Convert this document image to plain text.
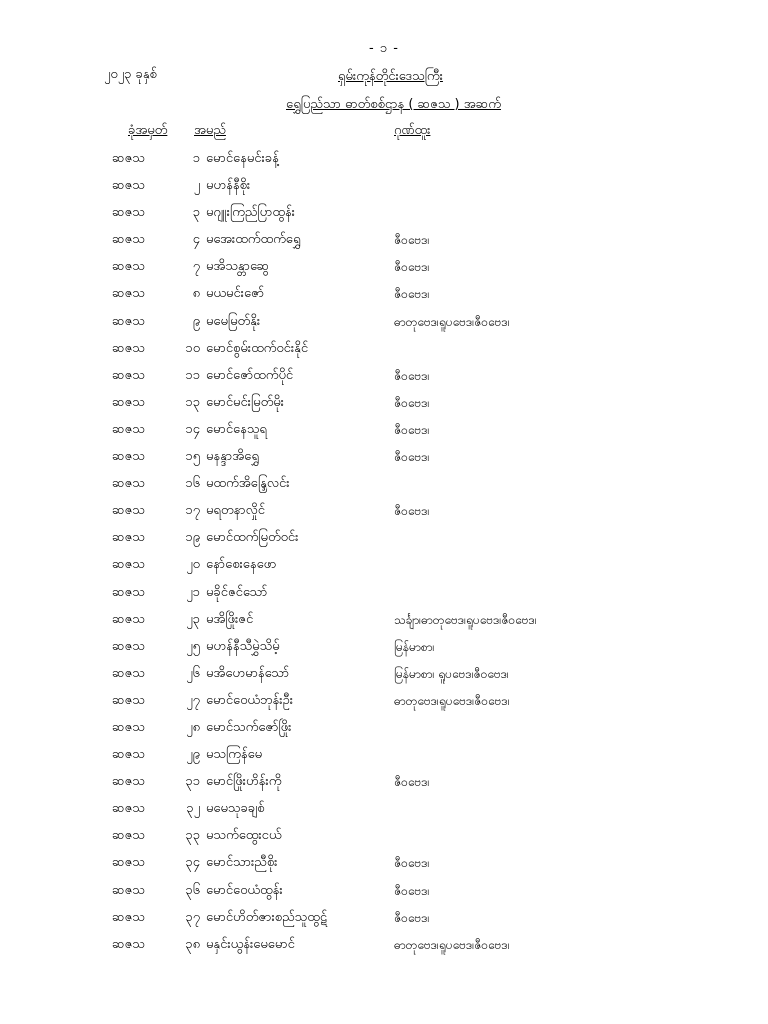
- ၁ -
၂၀၂၃ ခုနှစ်	ရှမ်းကုန်တိုင်းဒေသကြီး
ရွှေပြည်သာ ဓာတ်စစ်ဌာန ( ဆဇသ ) အဆက်
ခုံအမှတ် အမည်	ဂုဏ်ထူး
ဆဇသ	၁ မောင်နေမင်းခန့်
ဆဇသ	၂ မဟန်နီစိုး
ဆဇသ	၃ မဂျူးကြည်ပြာထွန်း
ဆဇသ	၄ မအေးထက်ထက်ရွှေ	ဇီဝဗေဒ၊
ဆဇသ	၇ မအိသန္တာဆွေ	ဇီဝဗေဒ၊
ဆဇသ	၈ မယမင်းဇော်	ဇီဝဗေဒ၊
ဆဇသ	၉ မမေမြတ်နိုး	ဓာတုဗေဒ၊ရူပဗေဒ၊ဇီဝဗေဒ၊
ဆဇသ	၁၀ မောင်စွမ်းထက်ဝင်းနိုင်
ဆဇသ	၁၁ မောင်ဇော်ထက်ပိုင်	ဇီဝဗေဒ၊
ဆဇသ	၁၃ မောင်မင်းမြတ်မိုး	ဇီဝဗေဒ၊
ဆဇသ	၁၄ မောင်နေသူရ	ဇီဝဗေဒ၊
ဆဇသ	၁၅ မနန္ဒာအိရွှေ	ဇီဝဗေဒ၊
ဆဇသ	၁၆ မထက်အိန္ဒြေလင်း
ဆဇသ	၁၇ မရတနာလှိုင်	ဇီဝဗေဒ၊
ဆဇသ	၁၉ မောင်ထက်မြတ်ဝင်း
ဆဇသ	၂၀ နော်စေးနေဖော
ဆဇသ	၂၁ မခိုင်ဇင်သော်
ဆဇသ	၂၃ မအိဖြိုးဇင်	သင်္ချာ၊ဓာတုဗေဒ၊ရူပဗေဒ၊ဇီဝဗေဒ၊
ဆဇသ	၂၅ မဟန်နီသီမွှဲသိမ့်	မြန်မာစာ၊
ဆဇသ	၂၆ မအိဟေမာန်သော်	မြန်မာစာ၊ ရူပဗေဒ၊ဇီဝဗေဒ၊
ဆဇသ	၂၇ မောင်ဝေယံဘုန်းဦး	ဓာတုဗေဒ၊ရူပဗေဒ၊ဇီဝဗေဒ၊
ဆဇသ	၂၈ မောင်သက်ဇော်ဖြိုး
ဆဇသ	၂၉ မသကြန်မေ
ဆဇသ	၃၁ မောင်ဖြိုးဟိန်းကို	ဇီဝဗေဒ၊
ဆဇသ	၃၂ မမေသုခချစ်
ဆဇသ	၃၃ မသက်ထွေးငယ်
ဆဇသ	၃၄ မောင်သားညီစိုး	ဇီဝဗေဒ၊
ဆဇသ	၃၆ မောင်ဝေယံထွန်း	ဇီဝဗေဒ၊
ဆဇသ	၃၇ မောင်ဟိတ်ဇားစည်သူထွဋ်	ဇီဝဗေဒ၊
ဆဇသ	၃၈ မနှင်းယွန်းမေမောင်	ဓာတုဗေဒ၊ရူပဗေဒ၊ဇီဝဗေဒ၊
